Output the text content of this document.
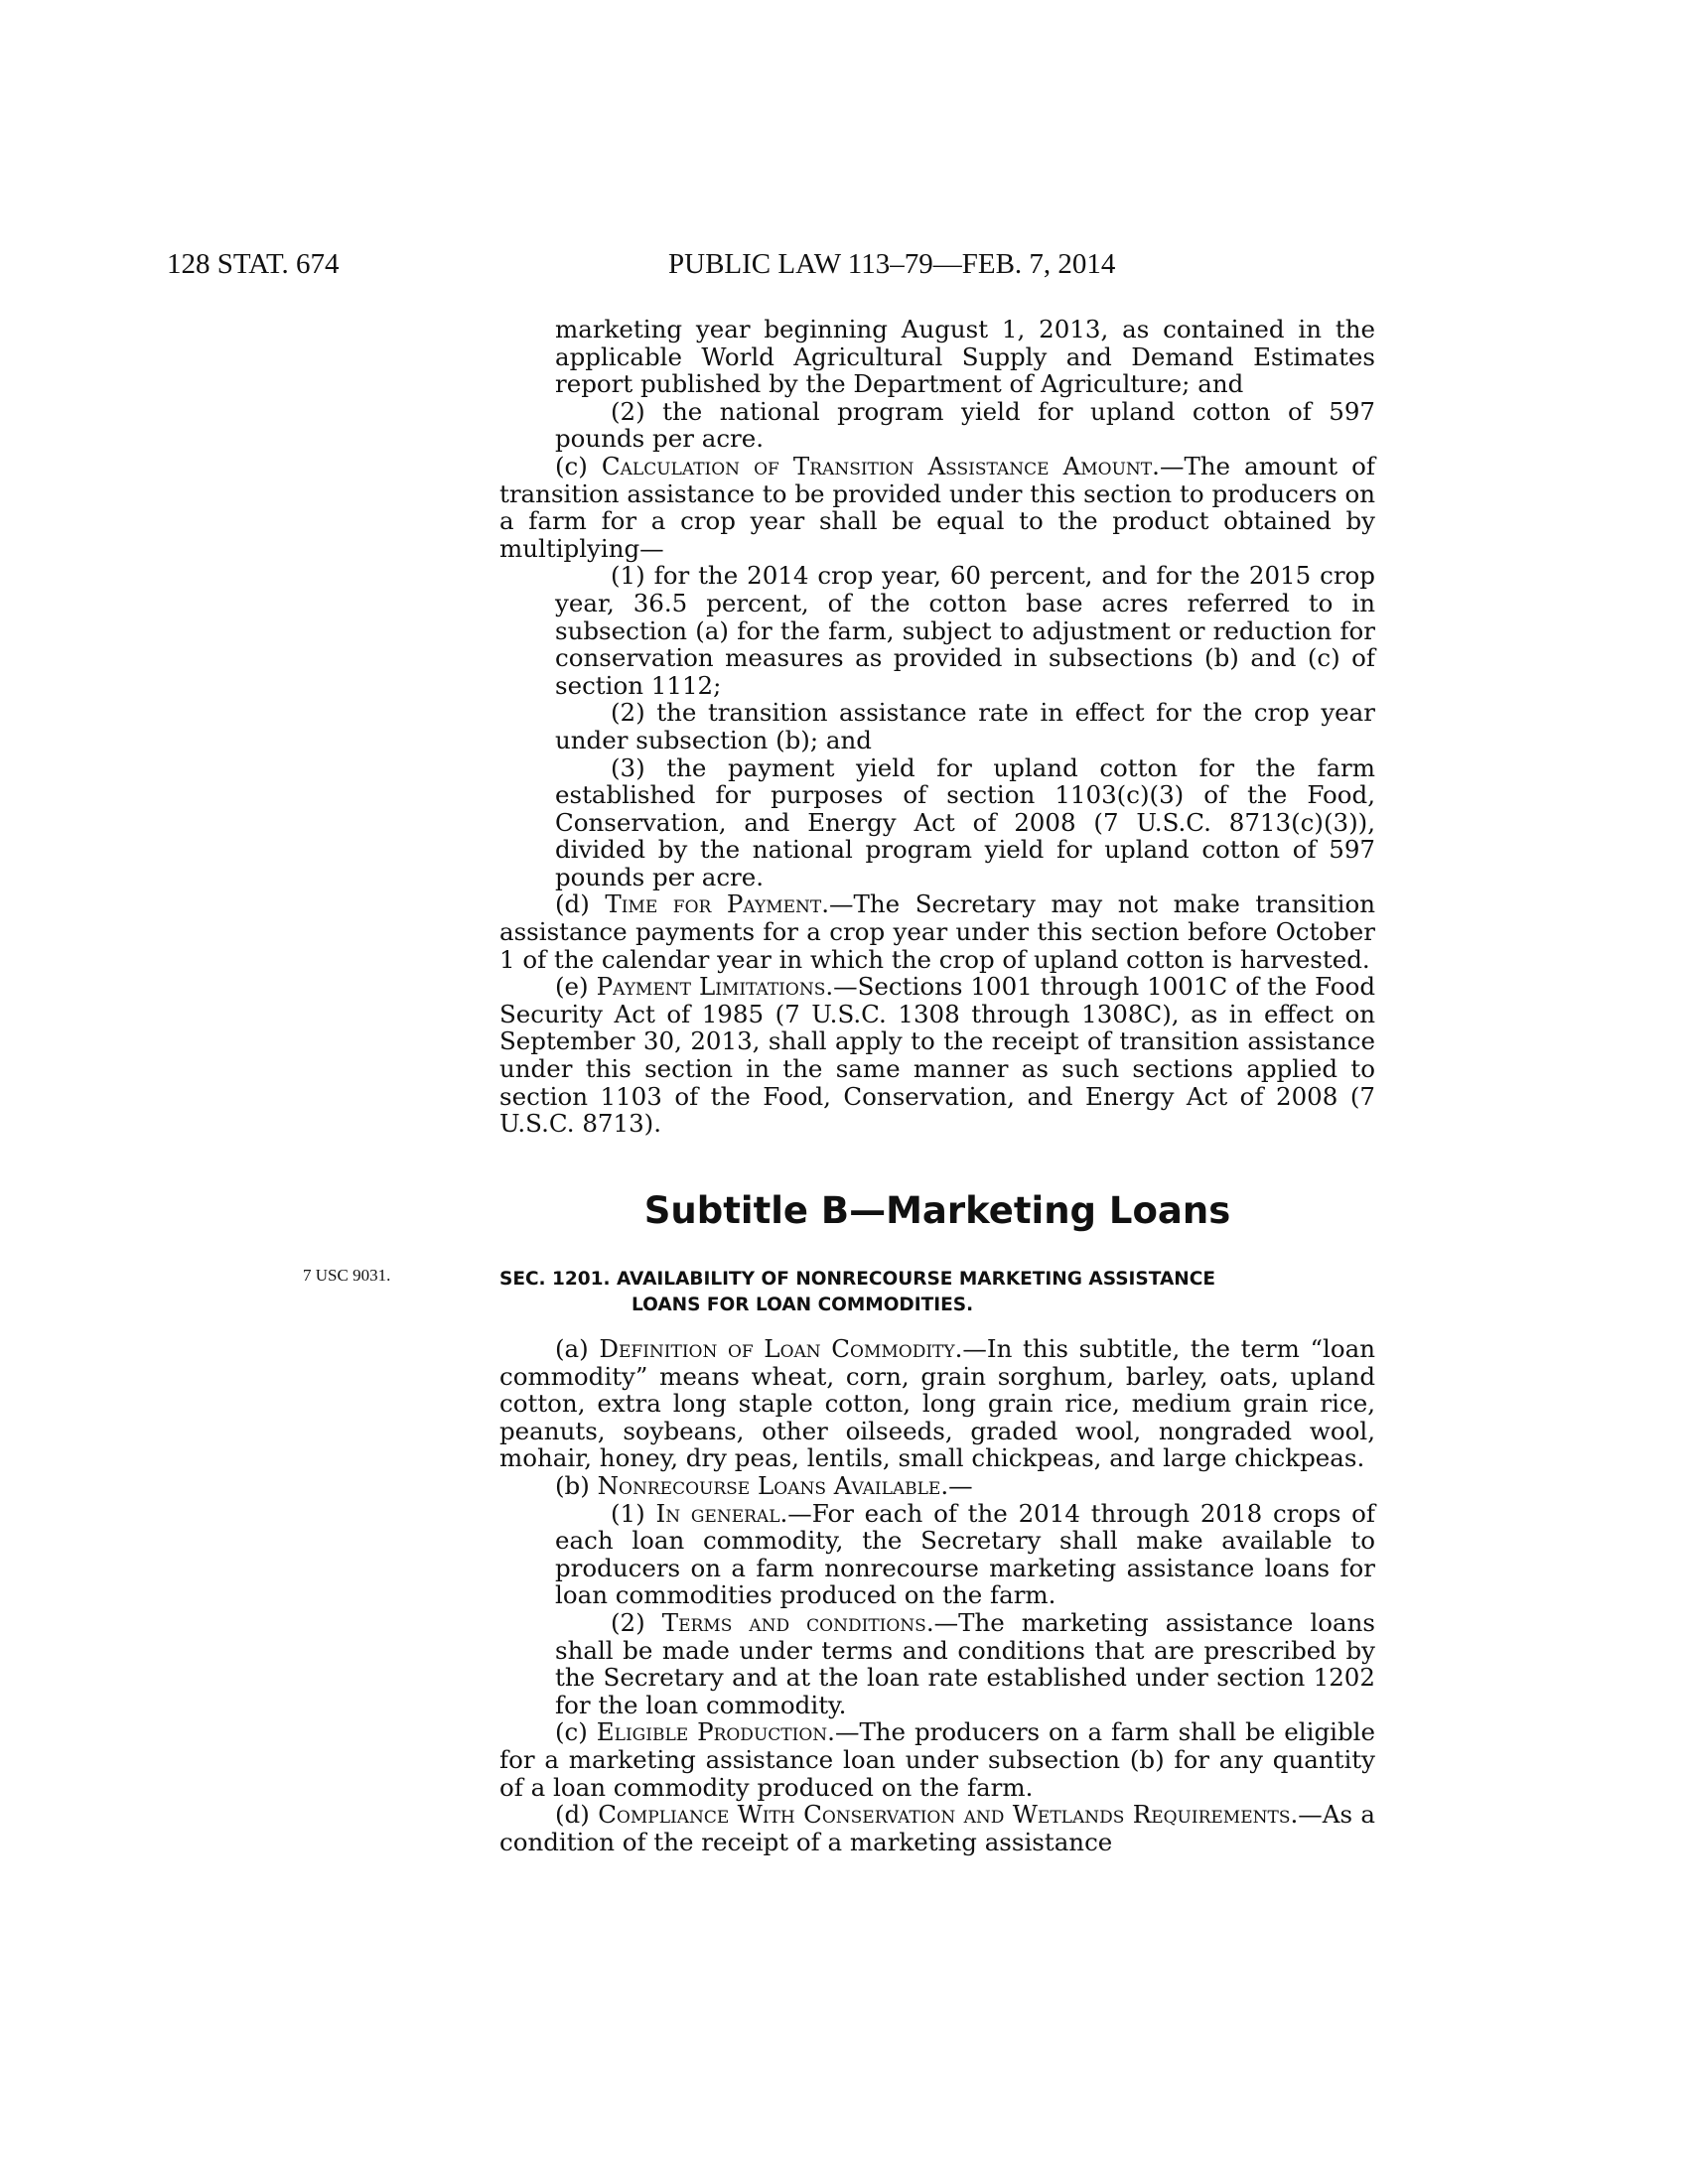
128 STAT. 674	PUBLIC LAW 113–79—FEB. 7, 2014

marketing year beginning August 1, 2013, as contained in the applicable World Agricultural Supply and Demand Estimates report published by the Department of Agriculture; and

(2) the national program yield for upland cotton of 597 pounds per acre.

(c) Calculation of Transition Assistance Amount.—The amount of transition assistance to be provided under this section to producers on a farm for a crop year shall be equal to the product obtained by multiplying—

(1) for the 2014 crop year, 60 percent, and for the 2015 crop year, 36.5 percent, of the cotton base acres referred to in subsection (a) for the farm, subject to adjustment or reduction for conservation measures as provided in subsections (b) and (c) of section 1112;

(2) the transition assistance rate in effect for the crop year under subsection (b); and

(3) the payment yield for upland cotton for the farm established for purposes of section 1103(c)(3) of the Food, Conservation, and Energy Act of 2008 (7 U.S.C. 8713(c)(3)), divided by the national program yield for upland cotton of 597 pounds per acre.

(d) Time for Payment.—The Secretary may not make transition assistance payments for a crop year under this section before October 1 of the calendar year in which the crop of upland cotton is harvested.

(e) Payment Limitations.—Sections 1001 through 1001C of the Food Security Act of 1985 (7 U.S.C. 1308 through 1308C), as in effect on September 30, 2013, shall apply to the receipt of transition assistance under this section in the same manner as such sections applied to section 1103 of the Food, Conservation, and Energy Act of 2008 (7 U.S.C. 8713).

Subtitle B—Marketing Loans
7 USC 9031.	SEC. 1201. AVAILABILITY OF NONRECOURSE MARKETING ASSISTANCE
LOANS FOR LOAN COMMODITIES.

(a) Definition of Loan Commodity.—In this subtitle, the term “loan commodity” means wheat, corn, grain sorghum, barley, oats, upland cotton, extra long staple cotton, long grain rice, medium grain rice, peanuts, soybeans, other oilseeds, graded wool, nongraded wool, mohair, honey, dry peas, lentils, small chickpeas, and large chickpeas.

(b) Nonrecourse Loans Available.—

(1) In general.—For each of the 2014 through 2018 crops of each loan commodity, the Secretary shall make available to producers on a farm nonrecourse marketing assistance loans for loan commodities produced on the farm.

(2) Terms and conditions.—The marketing assistance loans shall be made under terms and conditions that are prescribed by the Secretary and at the loan rate established under section 1202 for the loan commodity.

(c) Eligible Production.—The producers on a farm shall be eligible for a marketing assistance loan under subsection (b) for any quantity of a loan commodity produced on the farm.

(d) Compliance With Conservation and Wetlands Requirements.—As a condition of the receipt of a marketing assistance
